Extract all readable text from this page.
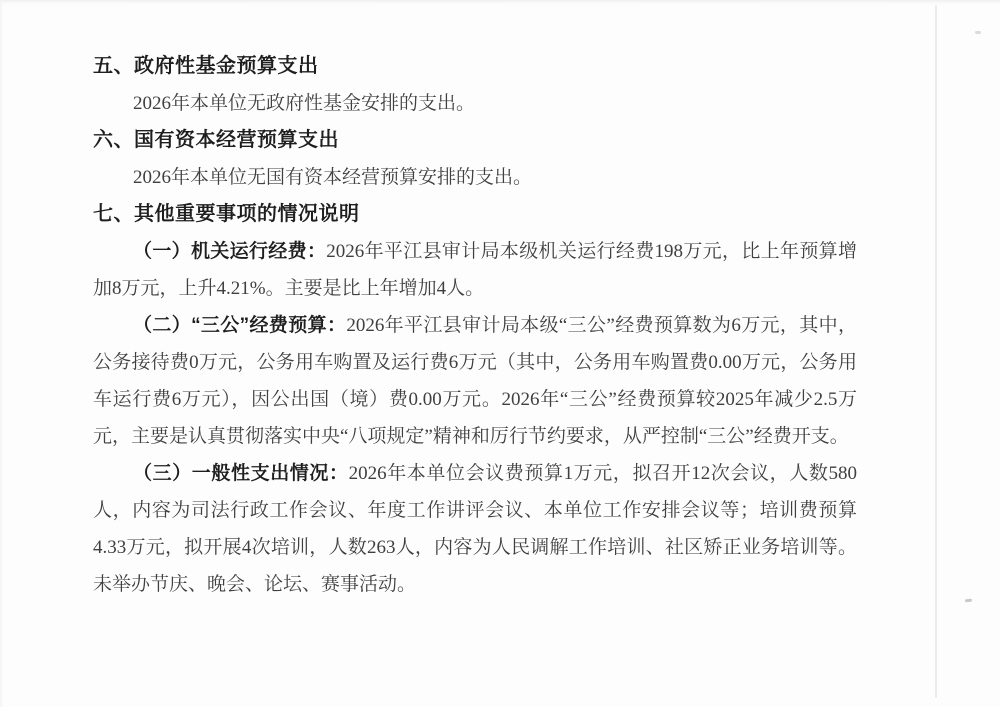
五、政府性基金预算支出

2026年本单位无政府性基金安排的支出。

六、国有资本经营预算支出

2026年本单位无国有资本经营预算安排的支出。

七、其他重要事项的情况说明

（一）机关运行经费：2026年平江县审计局本级机关运行经费198万元，比上年预算增加8万元，上升4.21%。主要是比上年增加4人。

（二）“三公”经费预算：2026年平江县审计局本级“三公”经费预算数为6万元，其中，公务接待费0万元，公务用车购置及运行费6万元（其中，公务用车购置费0.00万元，公务用车运行费6万元），因公出国（境）费0.00万元。2026年“三公”经费预算较2025年减少2.5万元，主要是认真贯彻落实中央“八项规定”精神和厉行节约要求，从严控制“三公”经费开支。

（三）一般性支出情况：2026年本单位会议费预算1万元，拟召开12次会议，人数580人，内容为司法行政工作会议、年度工作讲评会议、本单位工作安排会议等；培训费预算4.33万元，拟开展4次培训，人数263人，内容为人民调解工作培训、社区矫正业务培训等。未举办节庆、晚会、论坛、赛事活动。
